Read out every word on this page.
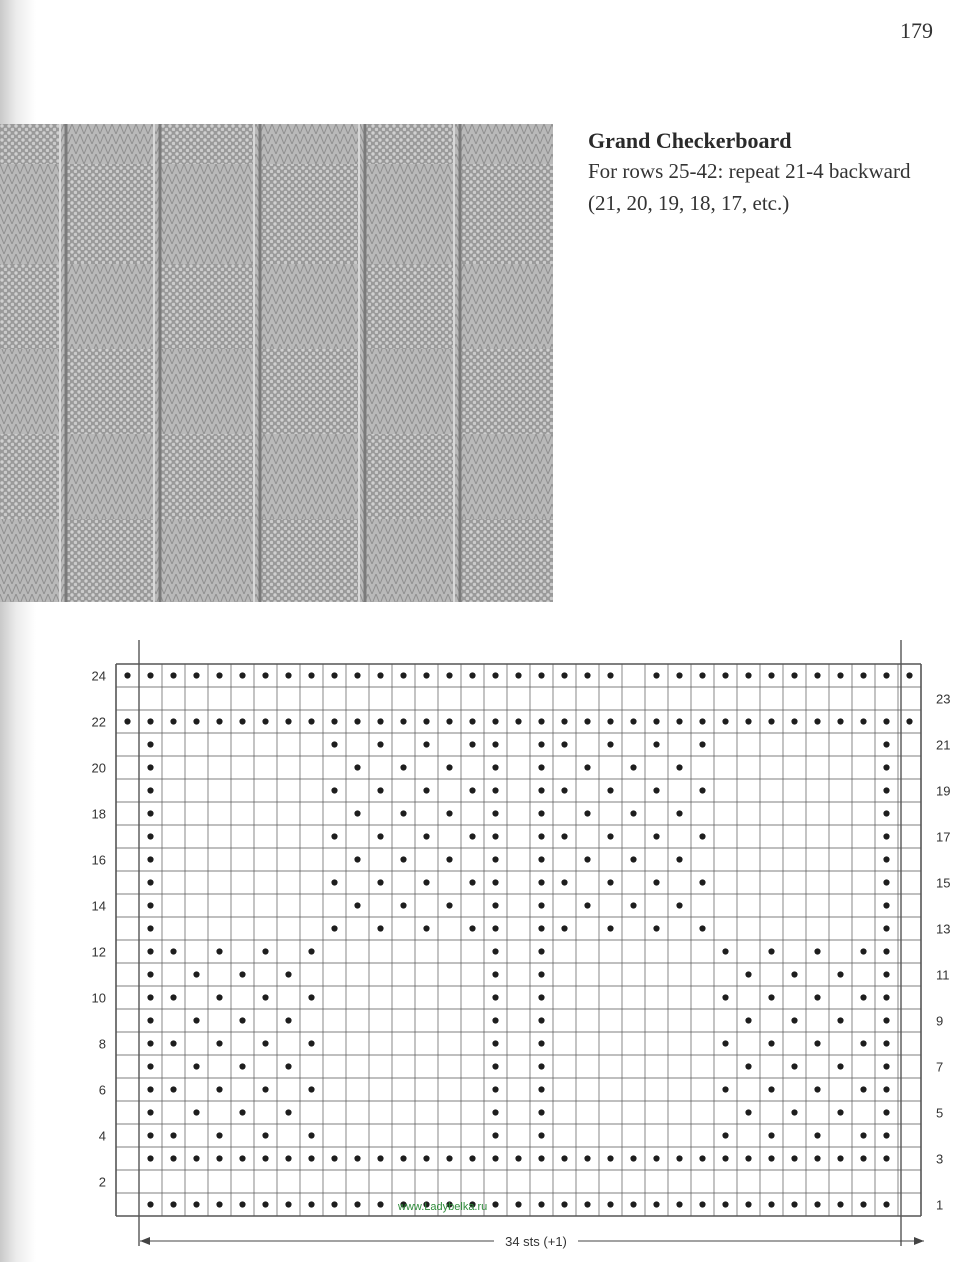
179
Grand Checkerboard
For rows 25-42: repeat 21-4 backward
(21, 20, 19, 18, 17, etc.)
24
22
20
18
16
14
12
10
8
6
4
2
23
21
19
17
15
13
11
9
7
5
3
1
www.Ladybelka.ru
34 sts (+1)
